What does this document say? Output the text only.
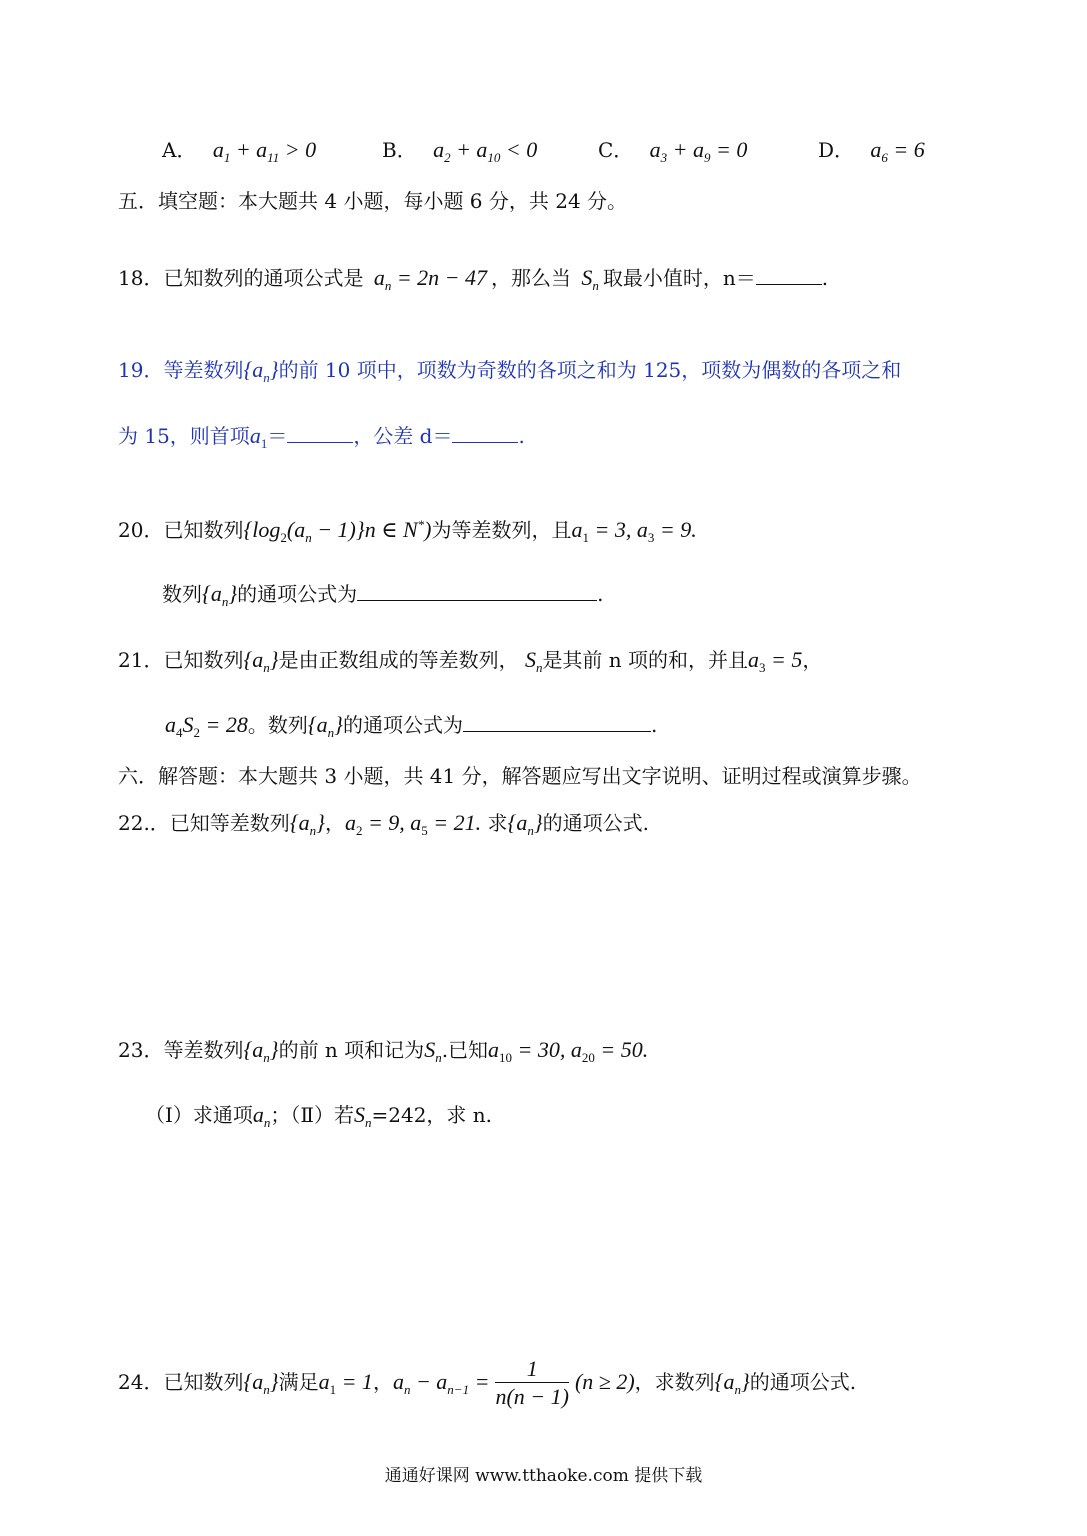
A． $a_1 + a_{11} > 0$	B． $a_2 + a_{10} < 0$	C． $a_3 + a_9 = 0$	D． $a_6 = 6$
五．填空题：本大题共 4 小题，每小题 6 分，共 24 分。
18．已知数列的通项公式是 $a_n = 2n - 47$ ，那么当 $S_n$ 取最小值时，n＝	.
19．等差数列$\{a_n\}$的前 10 项中，项数为奇数的各项之和为 125，项数为偶数的各项之和
为 15，则首项$a_1=$	，公差 d＝	.
20．已知数列$\{\log_2(a_n - 1)\}n$ ∈ N*)为等差数列，且$a_1 = 3$, $a_3 = 9$.
数列$\{a_n\}$的通项公式为	.
21．已知数列$\{a_n\}$是由正数组成的等差数列， $S_n$是其前 n 项的和，并且$a_3 = 5$，
$a_4S_2 = 28$。数列$\{a_n\}$的通项公式为	.
六．解答题：本大题共 3 小题，共 41 分，解答题应写出文字说明、证明过程或演算步骤。
22.．已知等差数列$\{a_n\}$，$a_2 = 9$, $a_5 = 21$. 求$\{a_n\}$的通项公式.
23．等差数列$\{a_n\}$的前 n 项和记为$S_n$.已知$a_{10} = 30$, $a_{20} = 50$.
（Ⅰ）求通项$a_n$；（Ⅱ）若$S_n=242$，求 n.
24．已知数列$\{a_n\}$满足$a_1 = 1$，$a_n - a_{n-1} = \frac{1}{n(n - 1)} (n \ge 2)$，求数列$\{a_n\}$的通项公式.
通通好课网 www.tthaoke.com 提供下载
